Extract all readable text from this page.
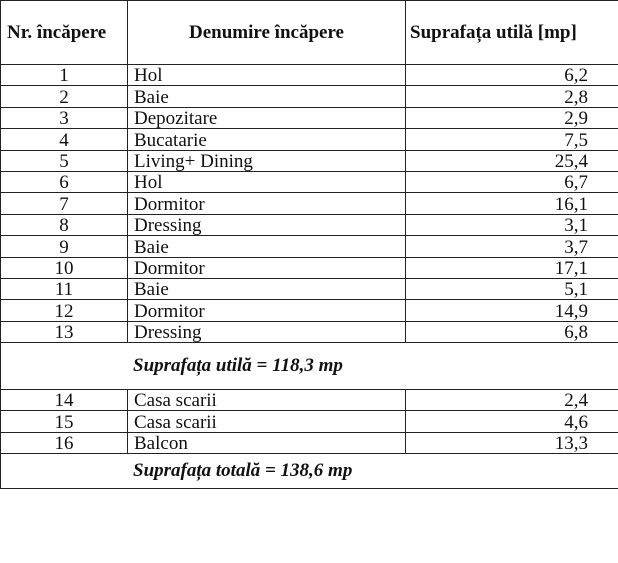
Nr. încăpere	Denumire încăpere	Suprafața utilă [mp]
1	Hol	6,2
2	Baie	2,8
3	Depozitare	2,9
4	Bucatarie	7,5
5	Living+ Dining	25,4
6	Hol	6,7
7	Dormitor	16,1
8	Dressing	3,1
9	Baie	3,7
10	Dormitor	17,1
11	Baie	5,1
12	Dormitor	14,9
13	Dressing	6,8
Suprafața utilă = 118,3 mp		
14	Casa scarii	2,4
15	Casa scarii	4,6
16	Balcon	13,3
Suprafața totală = 138,6 mp		
